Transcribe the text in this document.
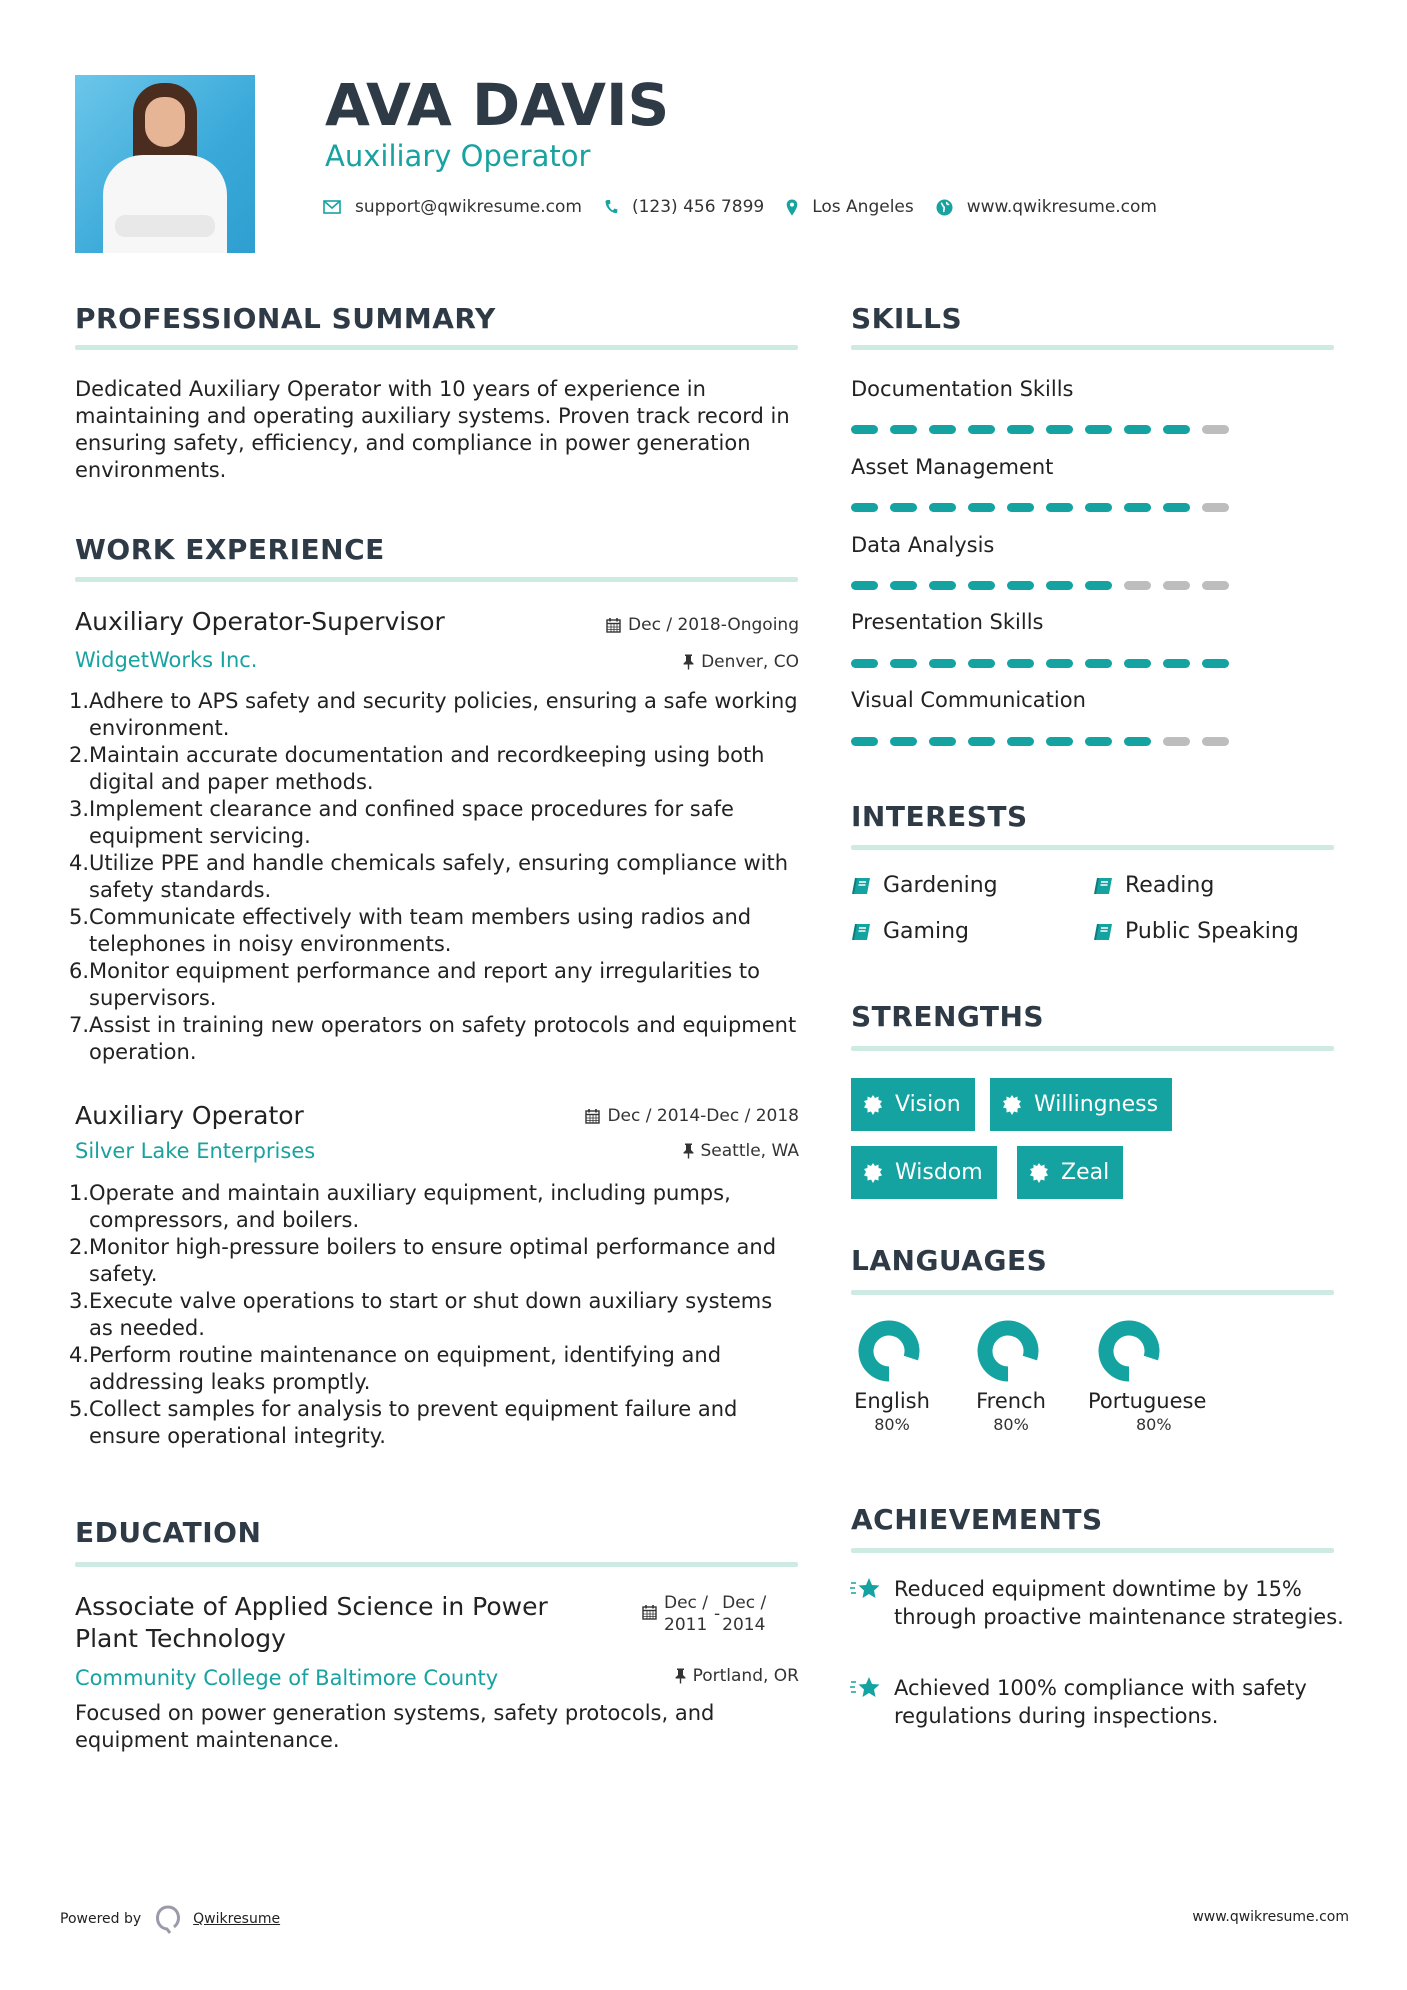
AVA DAVIS
Auxiliary Operator
support@qwikresume.com	(123) 456 7899	Los Angeles	www.qwikresume.com
PROFESSIONAL SUMMARY
Dedicated Auxiliary Operator with 10 years of experience in maintaining and operating auxiliary systems. Proven track record in ensuring safety, efficiency, and compliance in power generation environments.
WORK EXPERIENCE
Auxiliary Operator-Supervisor	Dec / 2018-Ongoing
WidgetWorks Inc.	Denver, CO
1. Adhere to APS safety and security policies, ensuring a safe working environment.
2. Maintain accurate documentation and recordkeeping using both digital and paper methods.
3. Implement clearance and confined space procedures for safe equipment servicing.
4. Utilize PPE and handle chemicals safely, ensuring compliance with safety standards.
5. Communicate effectively with team members using radios and telephones in noisy environments.
6. Monitor equipment performance and report any irregularities to supervisors.
7. Assist in training new operators on safety protocols and equipment operation.
Auxiliary Operator	Dec / 2014-Dec / 2018
Silver Lake Enterprises	Seattle, WA
1. Operate and maintain auxiliary equipment, including pumps, compressors, and boilers.
2. Monitor high-pressure boilers to ensure optimal performance and safety.
3. Execute valve operations to start or shut down auxiliary systems as needed.
4. Perform routine maintenance on equipment, identifying and addressing leaks promptly.
5. Collect samples for analysis to prevent equipment failure and ensure operational integrity.
EDUCATION
Associate of Applied Science in Power Plant Technology
Dec /
2011
-
Dec /
2014
Community College of Baltimore County	Portland, OR
Focused on power generation systems, safety protocols, and equipment maintenance.
SKILLS
Documentation Skills
Asset Management
Data Analysis
Presentation Skills
Visual Communication
INTERESTS
Gardening	Reading
Gaming	Public Speaking
STRENGTHS
Vision	Willingness
Wisdom	Zeal
LANGUAGES
English
80%
French
80%
Portuguese
80%
ACHIEVEMENTS
Reduced equipment downtime by 15% through proactive maintenance strategies.
Achieved 100% compliance with safety regulations during inspections.
Powered by	Qwikresume	www.qwikresume.com
